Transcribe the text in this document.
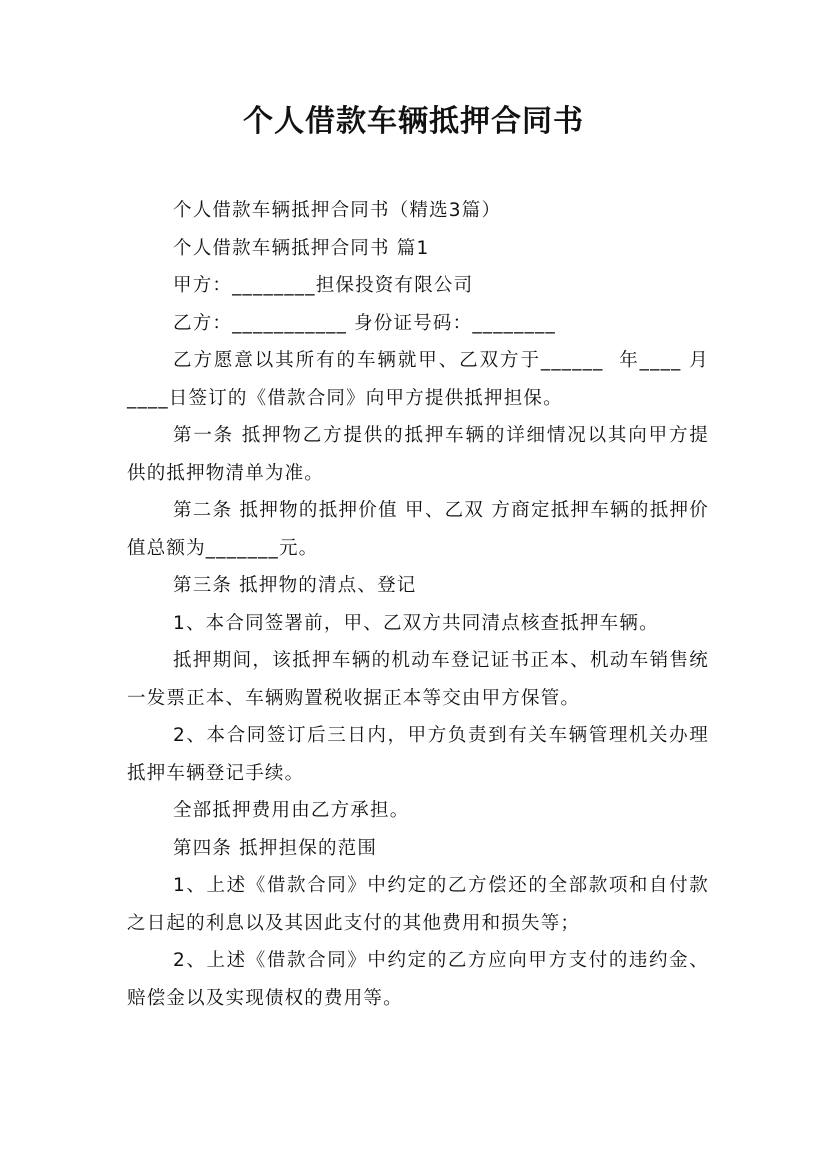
个人借款车辆抵押合同书

个人借款车辆抵押合同书（精选3篇）

个人借款车辆抵押合同书 篇1

甲方：________担保投资有限公司

乙方：___________ 身份证号码：________

乙方愿意以其所有的车辆就甲、乙双方于______  年____ 月 ____日签订的《借款合同》向甲方提供抵押担保。

第一条 抵押物乙方提供的抵押车辆的详细情况以其向甲方提供的抵押物清单为准。

第二条 抵押物的抵押价值 甲、乙双 方商定抵押车辆的抵押价值总额为_______元。

第三条 抵押物的清点、登记

1、本合同签署前，甲、乙双方共同清点核查抵押车辆。

抵押期间，该抵押车辆的机动车登记证书正本、机动车销售统一发票正本、车辆购置税收据正本等交由甲方保管。

2、本合同签订后三日内，甲方负责到有关车辆管理机关办理抵押车辆登记手续。

全部抵押费用由乙方承担。

第四条 抵押担保的范围

1、上述《借款合同》中约定的乙方偿还的全部款项和自付款之日起的利息以及其因此支付的其他费用和损失等；

2、上述《借款合同》中约定的乙方应向甲方支付的违约金、赔偿金以及实现债权的费用等。
